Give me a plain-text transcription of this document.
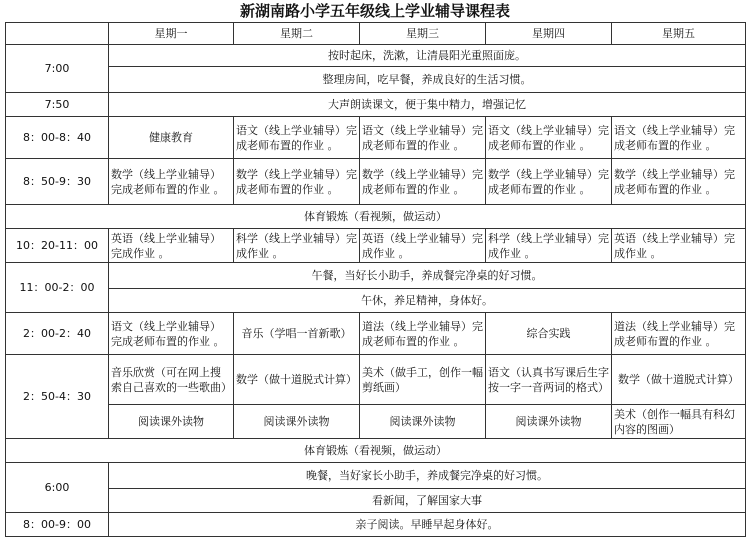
新湖南路小学五年级线上学业辅导课程表
	星期一	星期二	星期三	星期四	星期五
7:00	按时起床，洗漱，让清晨阳光重照面庞。				
	整理房间，吃早餐，养成良好的生活习惯。				
7:50	大声朗读课文，便于集中精力，增强记忆				
8：00-8：40	健康教育	语文（线上学业辅导）完成老师布置的作业 。	语文（线上学业辅导）完成老师布置的作业 。	语文（线上学业辅导）完成老师布置的作业 。	语文（线上学业辅导）完成老师布置的作业 。
8：50-9：30	数学（线上学业辅导）完成老师布置的作业 。	数学（线上学业辅导）完成老师布置的作业 。	数学（线上学业辅导）完成老师布置的作业 。	数学（线上学业辅导）完成老师布置的作业 。	数学（线上学业辅导）完成老师布置的作业 。
体育锻炼（看视频，做运动）					
10：20-11：00	英语（线上学业辅导）完成作业 。	科学（线上学业辅导）完成作业 。	英语（线上学业辅导）完成作业 。	科学（线上学业辅导）完成作业 。	英语（线上学业辅导）完成作业 。
11：00-2：00	午餐，当好长小助手，养成餐完净桌的好习惯。				
	午休，养足精神，身体好。				
2：00-2：40	语文（线上学业辅导）完成老师布置的作业 。	音乐（学唱一首新歌）	道法（线上学业辅导）完成老师布置的作业 。	综合实践	道法（线上学业辅导）完成老师布置的作业 。
2：50-4：30	音乐欣赏（可在网上搜索自己喜欢的一些歌曲）	数学（做十道脱式计算）	美术（做手工，创作一幅剪纸画）	语文（认真书写课后生字按一字一音两词的格式）	数学（做十道脱式计算）
	阅读课外读物	阅读课外读物	阅读课外读物	阅读课外读物	美术（创作一幅具有科幻内容的图画）
体育锻炼（看视频，做运动）					
6:00	晚餐，当好家长小助手，养成餐完净桌的好习惯。				
	看新闻，了解国家大事				
8：00-9：00	亲子阅读。早睡早起身体好。				
